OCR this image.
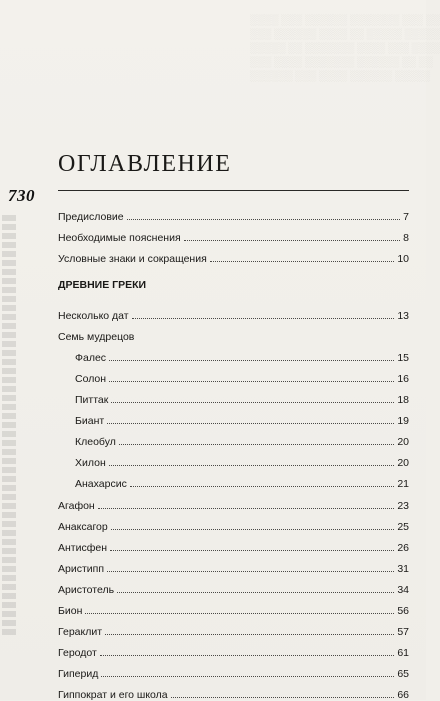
░░░░ ░░░ ░░░░░░ ░░░░░░░ ░░░ ░░
░░░ ░░░░░░ ░░░░ ░░ ░░░░░ ░░░░░
░░░░░ ░░ ░░░░░░░ ░░░░ ░░░ ░░░░
░░░ ░░░░ ░░░░░░░ ░░░░░░ ░░ ░░
░░░░░░ ░░░ ░░░░ ░░░░░░ ░░░░░
730
ОГЛАВЛЕНИЕ
Предисловие	7
Необходимые пояснения	8
Условные знаки и сокращения	10
ДРЕВНИЕ ГРЕКИ
Несколько дат	13
Семь мудрецов
Фалес	15
Солон	16
Питтак	18
Биант	19
Клеобул	20
Хилон	20
Анахарсис	21
Агафон	23
Анаксагор	25
Антисфен	26
Аристипп	31
Аристотель	34
Бион	56
Гераклит	57
Геродот	61
Гиперид	65
Гиппократ и его школа	66
